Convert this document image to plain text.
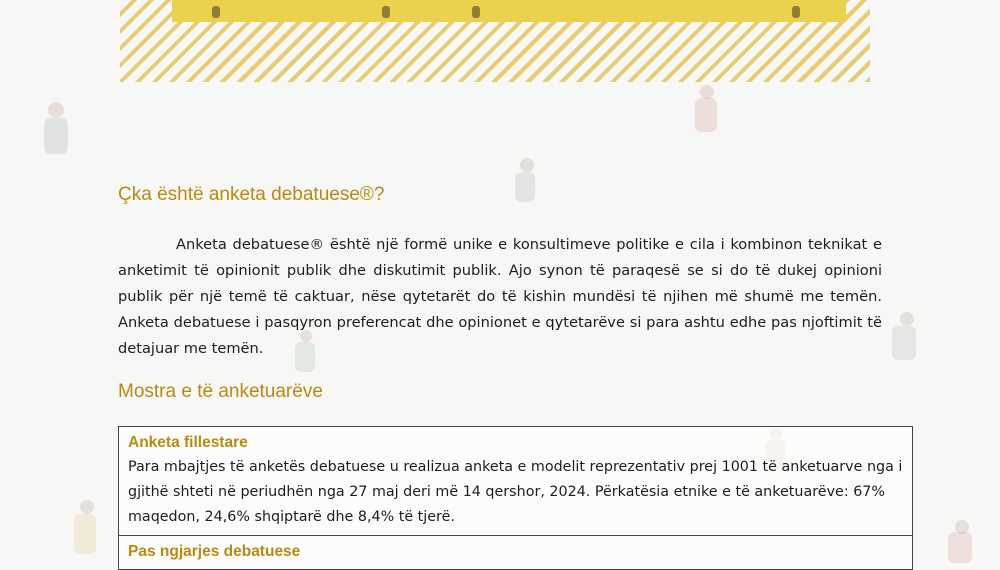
Çka është anketa debatuese®?

Anketa debatuese® është një formë unike e konsultimeve politike e cila i kombinon teknikat e anketimit të opinionit publik dhe diskutimit publik. Ajo synon të paraqesë se si do të dukej opinioni publik për një temë të caktuar, nëse qytetarët do të kishin mundësi të njihen më shumë me temën. Anketa debatuese i pasqyron preferencat dhe opinionet e qytetarëve si para ashtu edhe pas njoftimit të detajuar me temën.

Mostra e të anketuarëve
Anketa fillestare
Para mbajtjes të anketës debatuese u realizua anketa e modelit reprezentativ prej 1001 të anketuarve nga i gjithë shteti në periudhën nga 27 maj deri më 14 qershor, 2024. Përkatësia etnike e të anketuarëve: 67% maqedon, 24,6% shqiptarë dhe 8,4% të tjerë.

Pas ngjarjes debatuese
